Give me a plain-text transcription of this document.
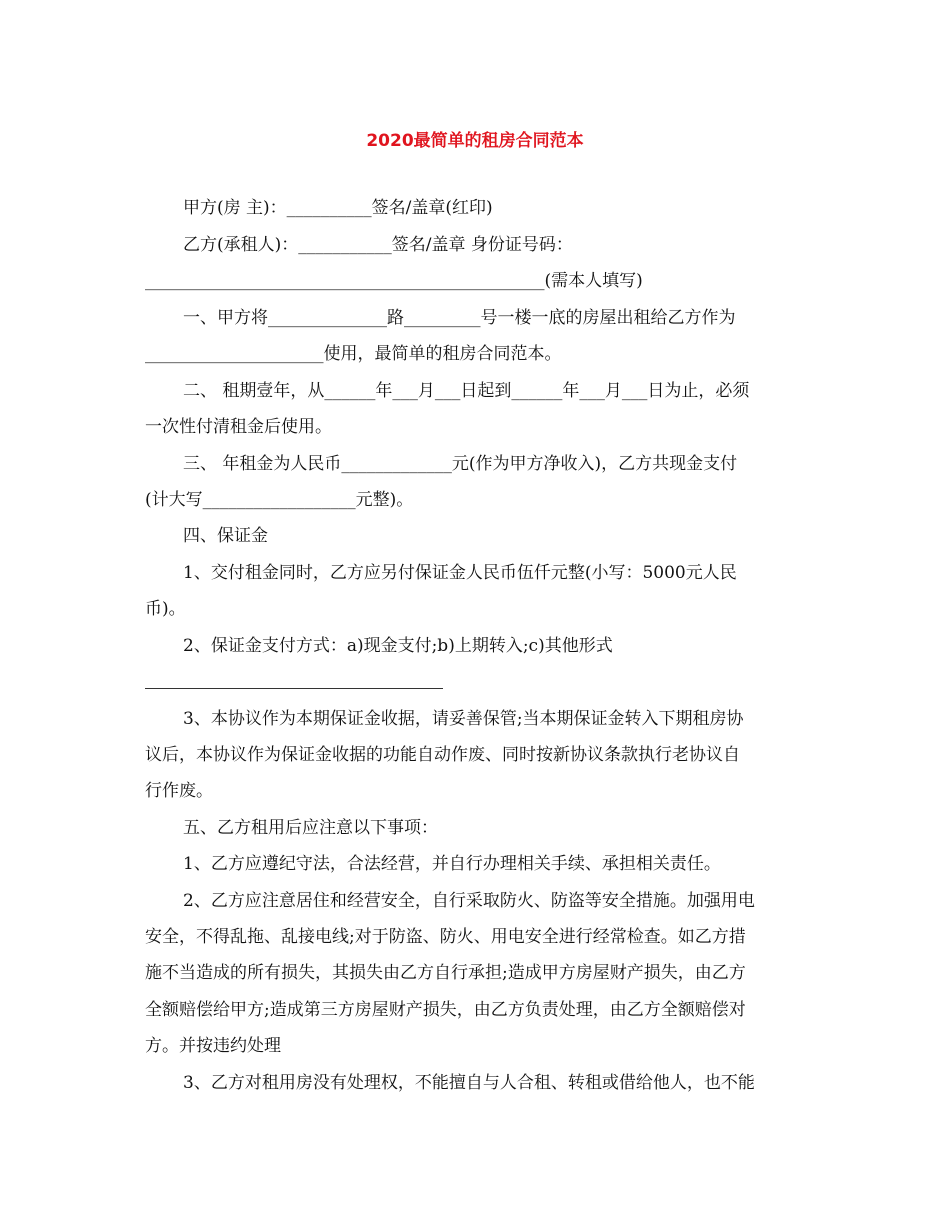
2020最简单的租房合同范本
甲方(房 主)：__________签名/盖章(红印)
乙方(承租人)：___________签名/盖章 身份证号码：
_______________________________________________(需本人填写)
一、甲方将______________路_________号一楼一底的房屋出租给乙方作为
_____________________使用，最简单的租房合同范本。
二、 租期壹年，从______年___月___日起到______年___月___日为止，必须
一次性付清租金后使用。
三、 年租金为人民币_____________元(作为甲方净收入)，乙方共现金支付
(计大写__________________元整)。
四、保证金
1、交付租金同时，乙方应另付保证金人民币伍仟元整(小写：5000元人民
币)。
2、保证金支付方式：a)现金支付;b)上期转入;c)其他形式
3、本协议作为本期保证金收据，请妥善保管;当本期保证金转入下期租房协
议后，本协议作为保证金收据的功能自动作废、同时按新协议条款执行老协议自
行作废。
五、乙方租用后应注意以下事项：
1、乙方应遵纪守法，合法经营，并自行办理相关手续、承担相关责任。
2、乙方应注意居住和经营安全，自行采取防火、防盗等安全措施。加强用电
安全，不得乱拖、乱接电线;对于防盗、防火、用电安全进行经常检查。如乙方措
施不当造成的所有损失，其损失由乙方自行承担;造成甲方房屋财产损失，由乙方
全额赔偿给甲方;造成第三方房屋财产损失，由乙方负责处理，由乙方全额赔偿对
方。并按违约处理
3、乙方对租用房没有处理权，不能擅自与人合租、转租或借给他人，也不能
